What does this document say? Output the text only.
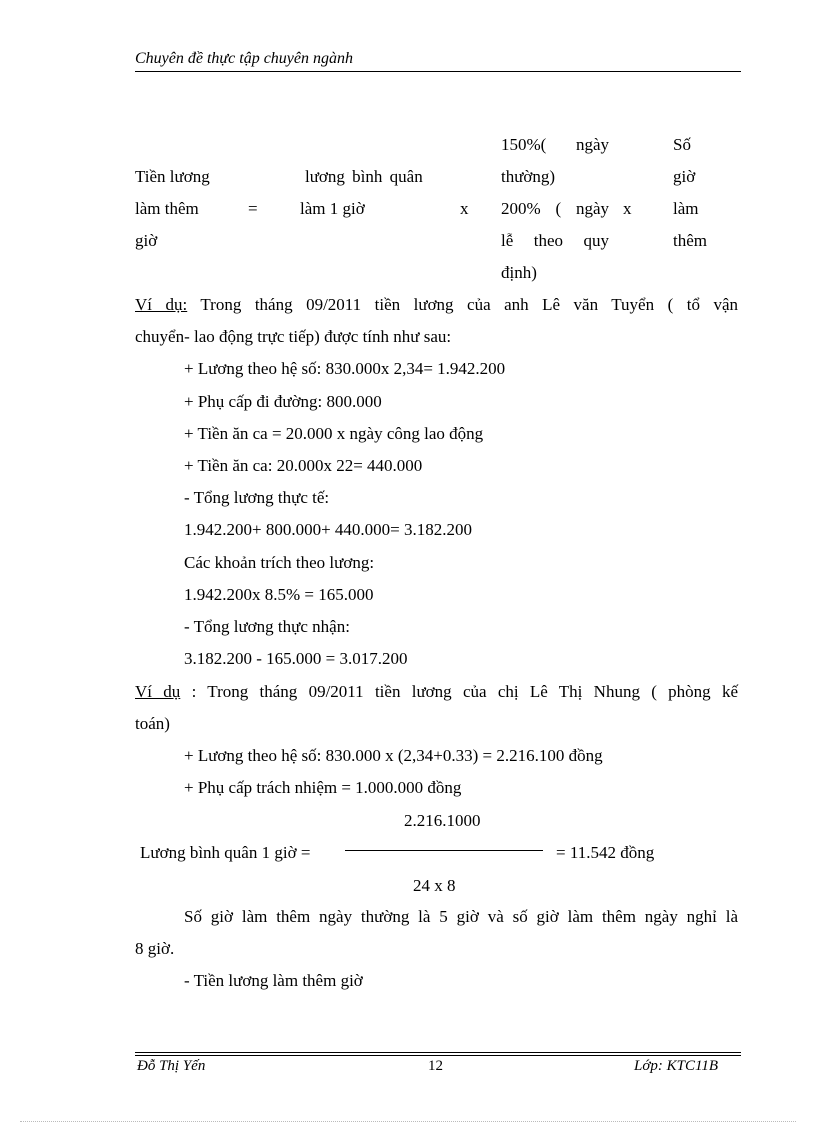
Chuyên đề thực tập chuyên ngành
Tiền lương
làm thêm
giờ
=
lương bình quân
làm 1 giờ	x
150%( ngày
thường)
200% ( ngày
lễ theo quy
định)
x
Số
giờ
làm
thêm
Ví dụ: Trong tháng 09/2011 tiền lương của anh Lê văn Tuyển ( tổ vận
chuyển- lao động trực tiếp) được tính như sau:
+ Lương theo hệ số: 830.000x 2,34= 1.942.200
+ Phụ cấp đi đường: 800.000
+ Tiền ăn ca = 20.000 x ngày công lao động
+ Tiền ăn ca: 20.000x 22= 440.000
- Tổng lương thực tế:
1.942.200+ 800.000+ 440.000= 3.182.200
Các khoản trích theo lương:
1.942.200x 8.5% = 165.000
- Tổng lương thực nhận:
3.182.200 - 165.000 = 3.017.200
Ví dụ : Trong tháng 09/2011 tiền lương của chị Lê Thị Nhung ( phòng kế
toán)
+ Lương theo hệ số: 830.000 x (2,34+0.33) = 2.216.100 đồng
+ Phụ cấp trách nhiệm = 1.000.000 đồng
2.216.1000
Lương bình quân 1 giờ =	= 11.542 đồng
24 x 8
Số giờ làm thêm ngày thường là 5 giờ và số giờ làm thêm ngày nghỉ là
8 giờ.
- Tiền lương làm thêm giờ
Đỗ Thị Yến	12	Lớp: KTC11B
